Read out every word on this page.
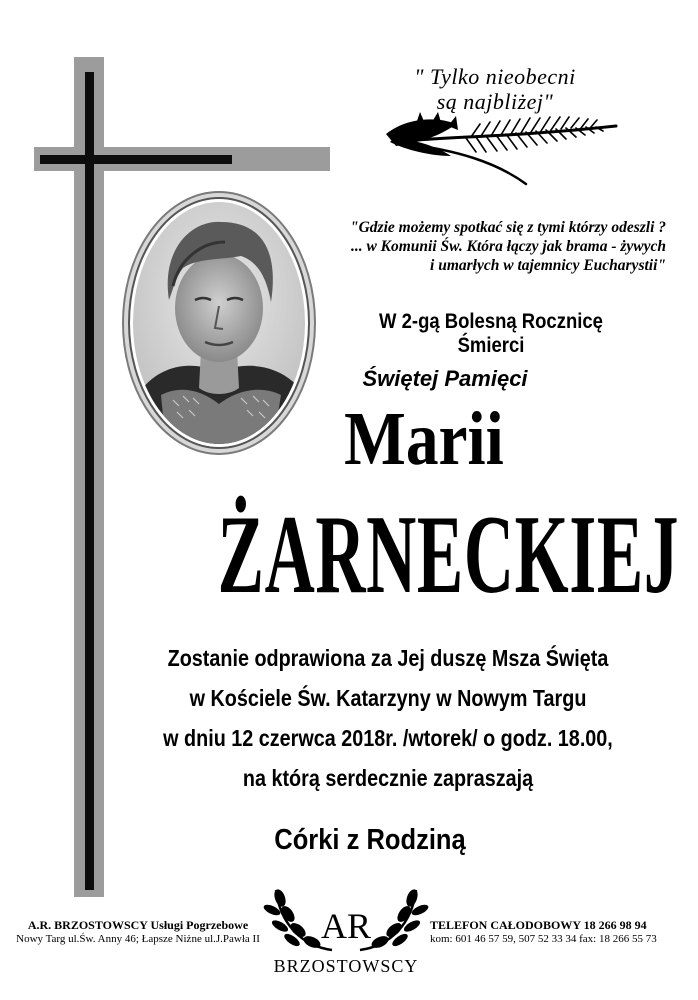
" Tylko nieobecni
są najbliżej"
"Gdzie możemy spotkać się z tymi którzy odeszli ?
... w Komunii Św. Która łączy jak brama - żywych
i umarłych w tajemnicy Eucharystii"
W 2-gą Bolesną Rocznicę Śmierci
Świętej Pamięci
Marii
ŻARNECKIEJ
Zostanie odprawiona za Jej duszę Msza Święta
w Kościele Św. Katarzyny w Nowym Targu
w dniu 12 czerwca 2018r. /wtorek/ o godz. 18.00,
na którą serdecznie zapraszają
Córki z Rodziną
A.R. BRZOSTOWSCY Usługi Pogrzebowe
Nowy Targ ul.Św. Anny 46; Łapsze Niżne ul.J.Pawła II AR
BRZOSTOWSCY
TELEFON CAŁODOBOWY 18 266 98 94
kom: 601 46 57 59, 507 52 33 34 fax: 18 266 55 73
